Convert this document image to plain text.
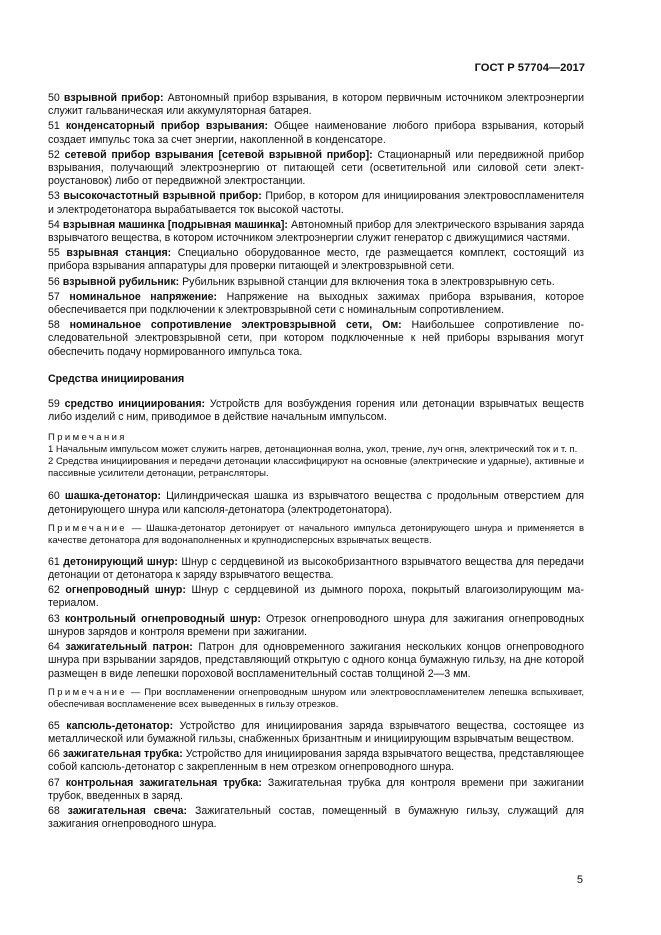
ГОСТ Р 57704—2017

50 взрывной прибор: Автономный прибор взрывания, в котором первичным источником электроэнергии служит гальваническая или аккумуляторная батарея.

51 конденсаторный прибор взрывания: Общее наименование любого прибора взрывания, который создает импульс тока за счет энергии, накопленной в конденсаторе.

52 сетевой прибор взрывания [сетевой взрывной прибор]: Стационарный или передвижной прибор взрывания, получающий электроэнергию от питающей сети (осветительной или силовой сети электроустановок) либо от передвижной электростанции.

53 высокочастотный взрывной прибор: Прибор, в котором для инициирования электровоспламенителя и электродетонатора вырабатывается ток высокой частоты.

54 взрывная машинка [подрывная машинка]: Автономный прибор для электрического взрывания заряда взрывчатого вещества, в котором источником электроэнергии служит генератор с движущимися частями.

55 взрывная станция: Специально оборудованное место, где размещается комплект, состоящий из прибора взрывания аппаратуры для проверки питающей и электровзрывной сети.

56 взрывной рубильник: Рубильник взрывной станции для включения тока в электровзрывную сеть.

57 номинальное напряжение: Напряжение на выходных зажимах прибора взрывания, которое обеспечивается при подключении к электровзрывной сети с номинальным сопротивлением.

58 номинальное сопротивление электровзрывной сети, Ом: Наибольшее сопротивление последовательной электровзрывной сети, при котором подключенные к ней приборы взрывания могут обеспечить подачу нормированного импульса тока.

Средства инициирования

59 средство инициирования: Устройств для возбуждения горения или детонации взрывчатых веществ либо изделий с ним, приводимое в действие начальным импульсом.

Примечания

1 Начальным импульсом может служить нагрев, детонационная волна, укол, трение, луч огня, электрический ток и т. п.

2 Средства инициирования и передачи детонации классифицируют на основные (электрические и ударные), активные и пассивные усилители детонации, ретрансляторы.

60 шашка-детонатор: Цилиндрическая шашка из взрывчатого вещества с продольным отверстием для детонирующего шнура или капсюля-детонатора (электродетонатора).

Примечание — Шашка-детонатор детонирует от начального импульса детонирующего шнура и применяется в качестве детонатора для водонаполненных и крупнодисперсных взрывчатых веществ.

61 детонирующий шнур: Шнур с сердцевиной из высокобризантного взрывчатого вещества для передачи детонации от детонатора к заряду взрывчатого вещества.

62 огнепроводный шнур: Шнур с сердцевиной из дымного пороха, покрытый влагоизолирующим материалом.

63 контрольный огнепроводный шнур: Отрезок огнепроводного шнура для зажигания огнепроводных шнуров зарядов и контроля времени при зажигании.

64 зажигательный патрон: Патрон для одновременного зажигания нескольких концов огнепроводного шнура при взрывании зарядов, представляющий открытую с одного конца бумажную гильзу, на дне которой размещен в виде лепешки пороховой воспламенительный состав толщиной 2—3 мм.

Примечание — При воспламенении огнепроводным шнуром или электровоспламенителем лепешка вспыхивает, обеспечивая воспламенение всех выведенных в гильзу отрезков.

65 капсюль-детонатор: Устройство для инициирования заряда взрывчатого вещества, состоящее из металлической или бумажной гильзы, снабженных бризантным и инициирующим взрывчатым веществом.

66 зажигательная трубка: Устройство для инициирования заряда взрывчатого вещества, представляющее собой капсюль-детонатор с закрепленным в нем отрезком огнепроводного шнура.

67 контрольная зажигательная трубка: Зажигательная трубка для контроля времени при зажигании трубок, введенных в заряд.

68 зажигательная свеча: Зажигательный состав, помещенный в бумажную гильзу, служащий для зажигания огнепроводного шнура.

5
